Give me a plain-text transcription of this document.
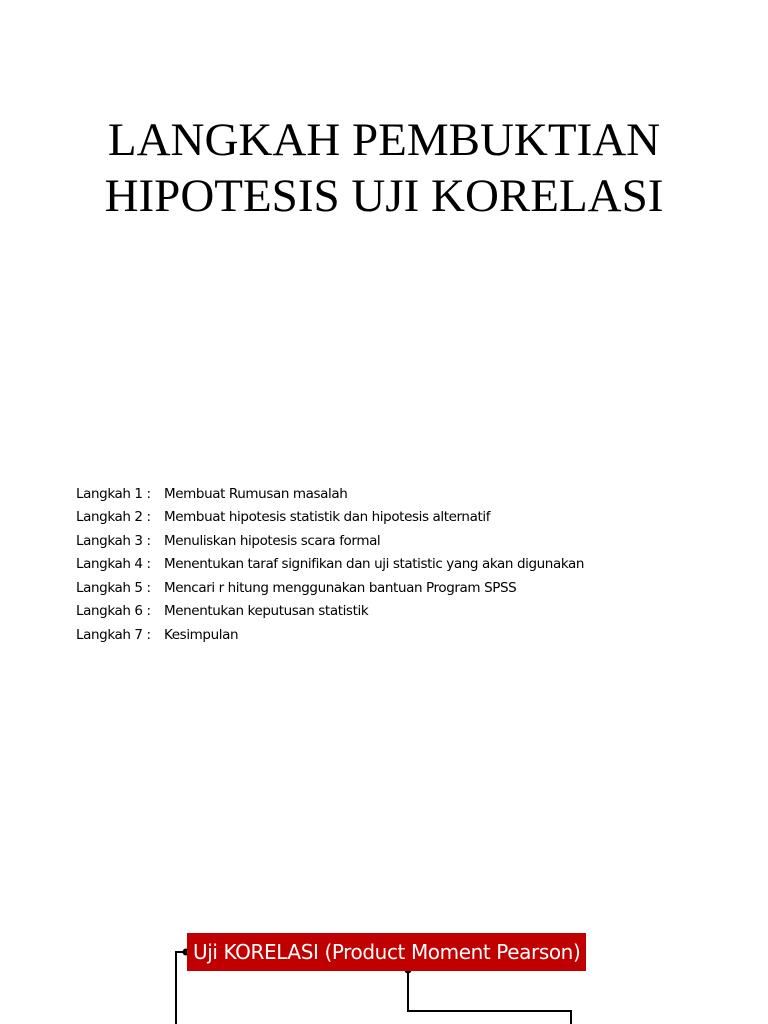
LANGKAH PEMBUKTIAN
HIPOTESIS UJI KORELASI
Langkah 1 : Membuat Rumusan masalah
Langkah 2 : Membuat hipotesis statistik dan hipotesis alternatif
Langkah 3 : Menuliskan hipotesis scara formal
Langkah 4 : Menentukan taraf signifikan dan uji statistic yang akan digunakan
Langkah 5 : Mencari r hitung menggunakan bantuan Program SPSS
Langkah 6 : Menentukan keputusan statistik
Langkah 7 : Kesimpulan
Uji KORELASI (Product Moment Pearson)
